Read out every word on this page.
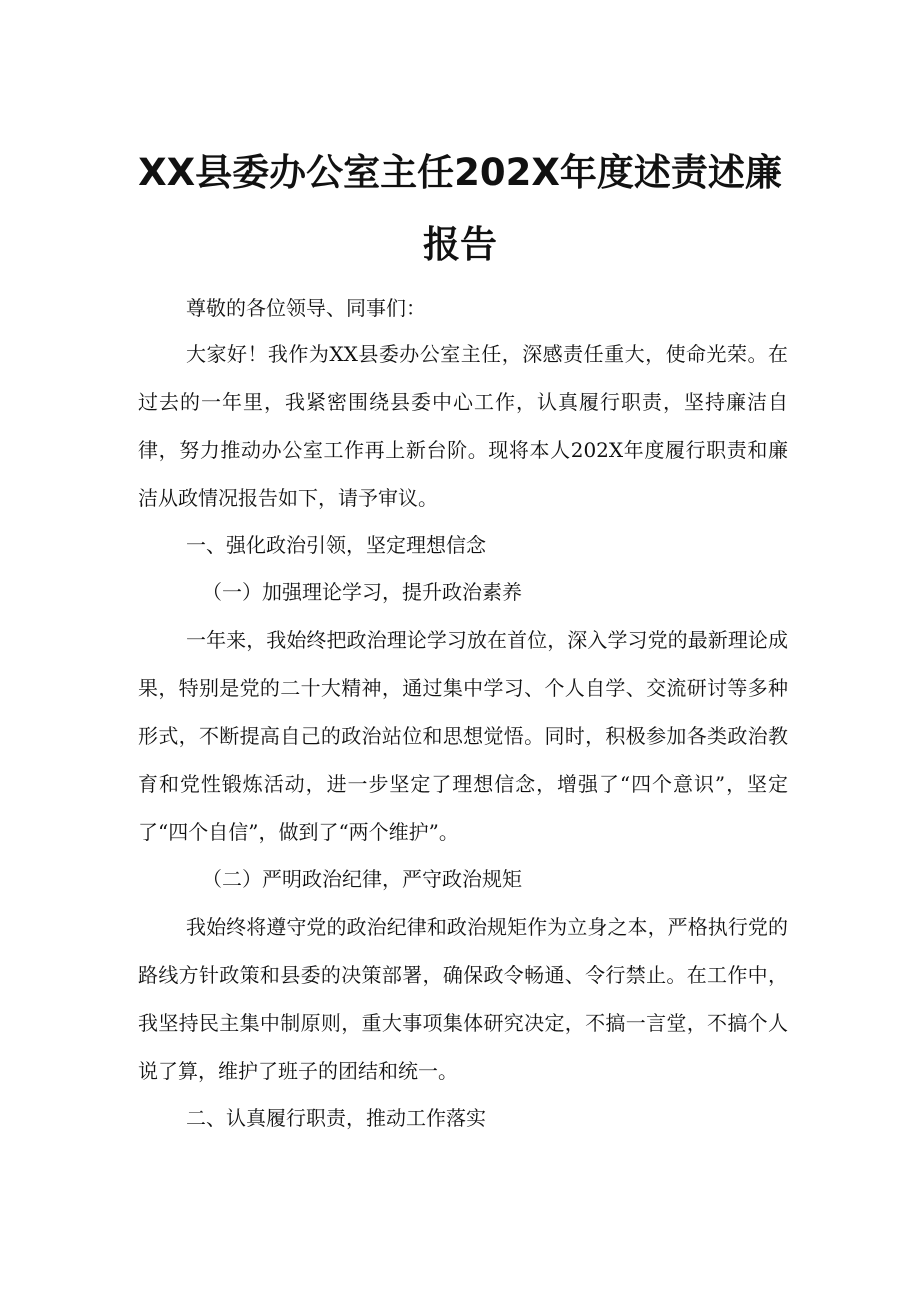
XX县委办公室主任202X年度述责述廉
报告

尊敬的各位领导、同事们：

大家好！我作为XX县委办公室主任，深感责任重大，使命光荣。在过去的一年里，我紧密围绕县委中心工作，认真履行职责，坚持廉洁自律，努力推动办公室工作再上新台阶。现将本人202X年度履行职责和廉洁从政情况报告如下，请予审议。

一、强化政治引领，坚定理想信念

（一）加强理论学习，提升政治素养

一年来，我始终把政治理论学习放在首位，深入学习党的最新理论成果，特别是党的二十大精神，通过集中学习、个人自学、交流研讨等多种形式，不断提高自己的政治站位和思想觉悟。同时，积极参加各类政治教育和党性锻炼活动，进一步坚定了理想信念，增强了“四个意识”，坚定了“四个自信”，做到了“两个维护”。

（二）严明政治纪律，严守政治规矩

我始终将遵守党的政治纪律和政治规矩作为立身之本，严格执行党的路线方针政策和县委的决策部署，确保政令畅通、令行禁止。在工作中，我坚持民主集中制原则，重大事项集体研究决定，不搞一言堂，不搞个人说了算，维护了班子的团结和统一。

二、认真履行职责，推动工作落实
